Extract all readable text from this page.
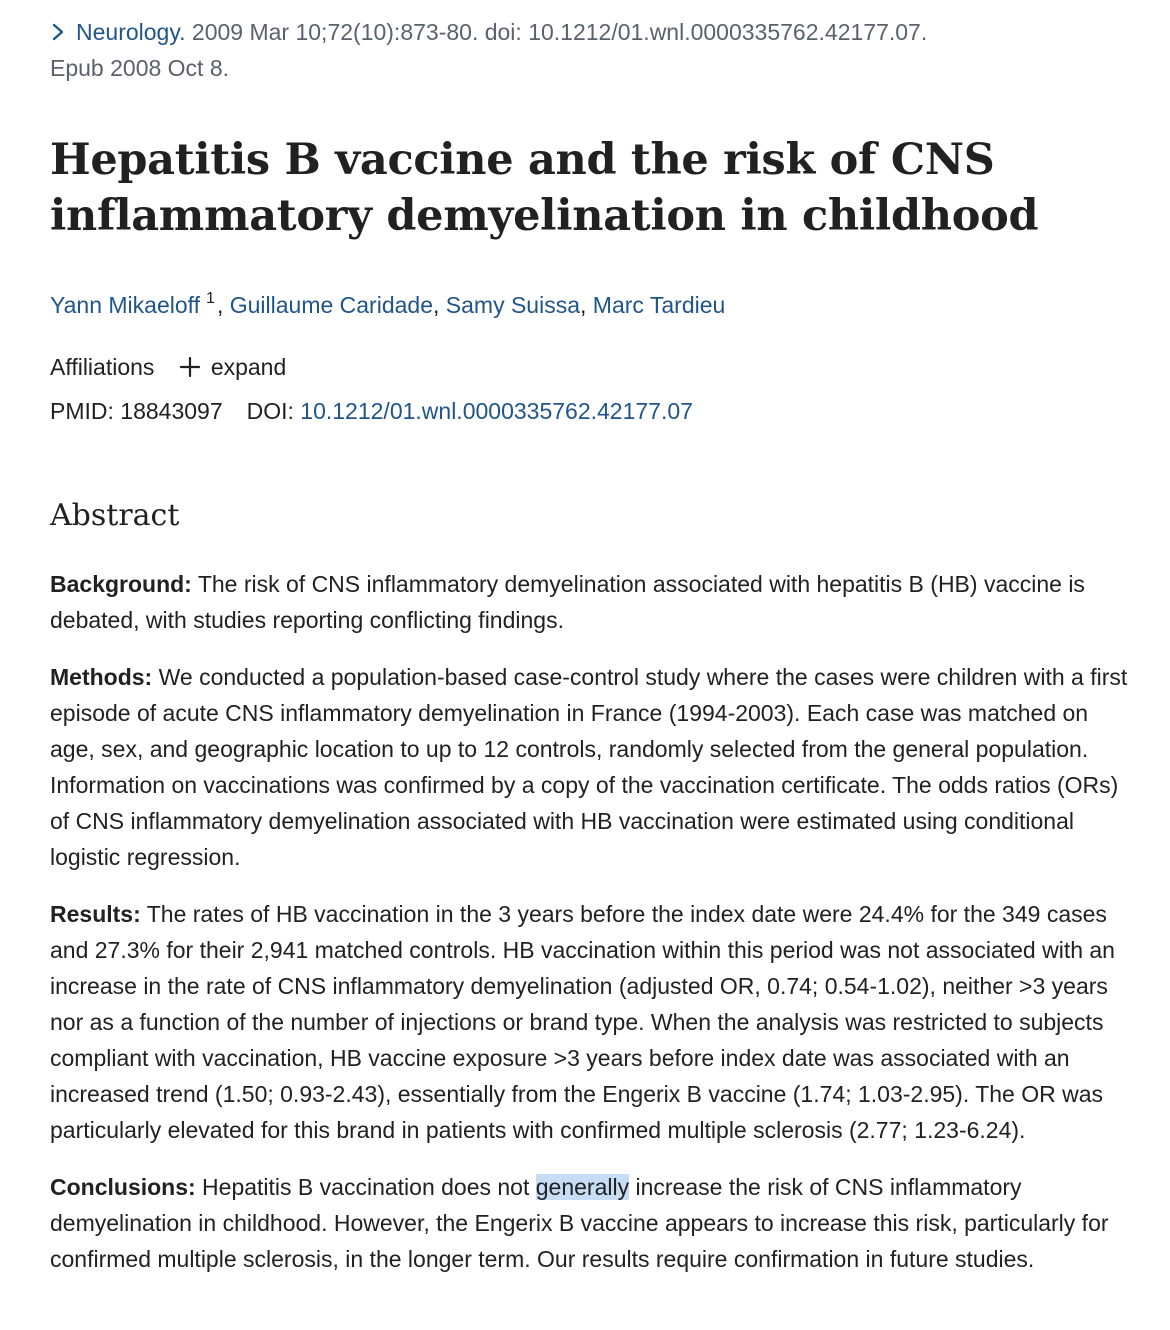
Neurology. 2009 Mar 10;72(10):873-80. doi: 10.1212/01.wnl.0000335762.42177.07.
Epub 2008 Oct 8.
Hepatitis B vaccine and the risk of CNS
inflammatory demyelination in childhood
Yann Mikaeloff $^1$, Guillaume Caridade, Samy Suissa, Marc Tardieu
Affiliations expand
PMID: 18843097 DOI: 10.1212/01.wnl.0000335762.42177.07
Abstract

Background: The risk of CNS inflammatory demyelination associated with hepatitis B (HB) vaccine is debated, with studies reporting conflicting findings.

Methods: We conducted a population-based case-control study where the cases were children with a first episode of acute CNS inflammatory demyelination in France (1994-2003). Each case was matched on age, sex, and geographic location to up to 12 controls, randomly selected from the general population. Information on vaccinations was confirmed by a copy of the vaccination certificate. The odds ratios (ORs) of CNS inflammatory demyelination associated with HB vaccination were estimated using conditional logistic regression.

Results: The rates of HB vaccination in the 3 years before the index date were 24.4% for the 349 cases and 27.3% for their 2,941 matched controls. HB vaccination within this period was not associated with an increase in the rate of CNS inflammatory demyelination (adjusted OR, 0.74; 0.54-1.02), neither >3 years nor as a function of the number of injections or brand type. When the analysis was restricted to subjects compliant with vaccination, HB vaccine exposure >3 years before index date was associated with an increased trend (1.50; 0.93-2.43), essentially from the Engerix B vaccine (1.74; 1.03-2.95). The OR was particularly elevated for this brand in patients with confirmed multiple sclerosis (2.77; 1.23-6.24).

Conclusions: Hepatitis B vaccination does not generally increase the risk of CNS inflammatory demyelination in childhood. However, the Engerix B vaccine appears to increase this risk, particularly for confirmed multiple sclerosis, in the longer term. Our results require confirmation in future studies.
